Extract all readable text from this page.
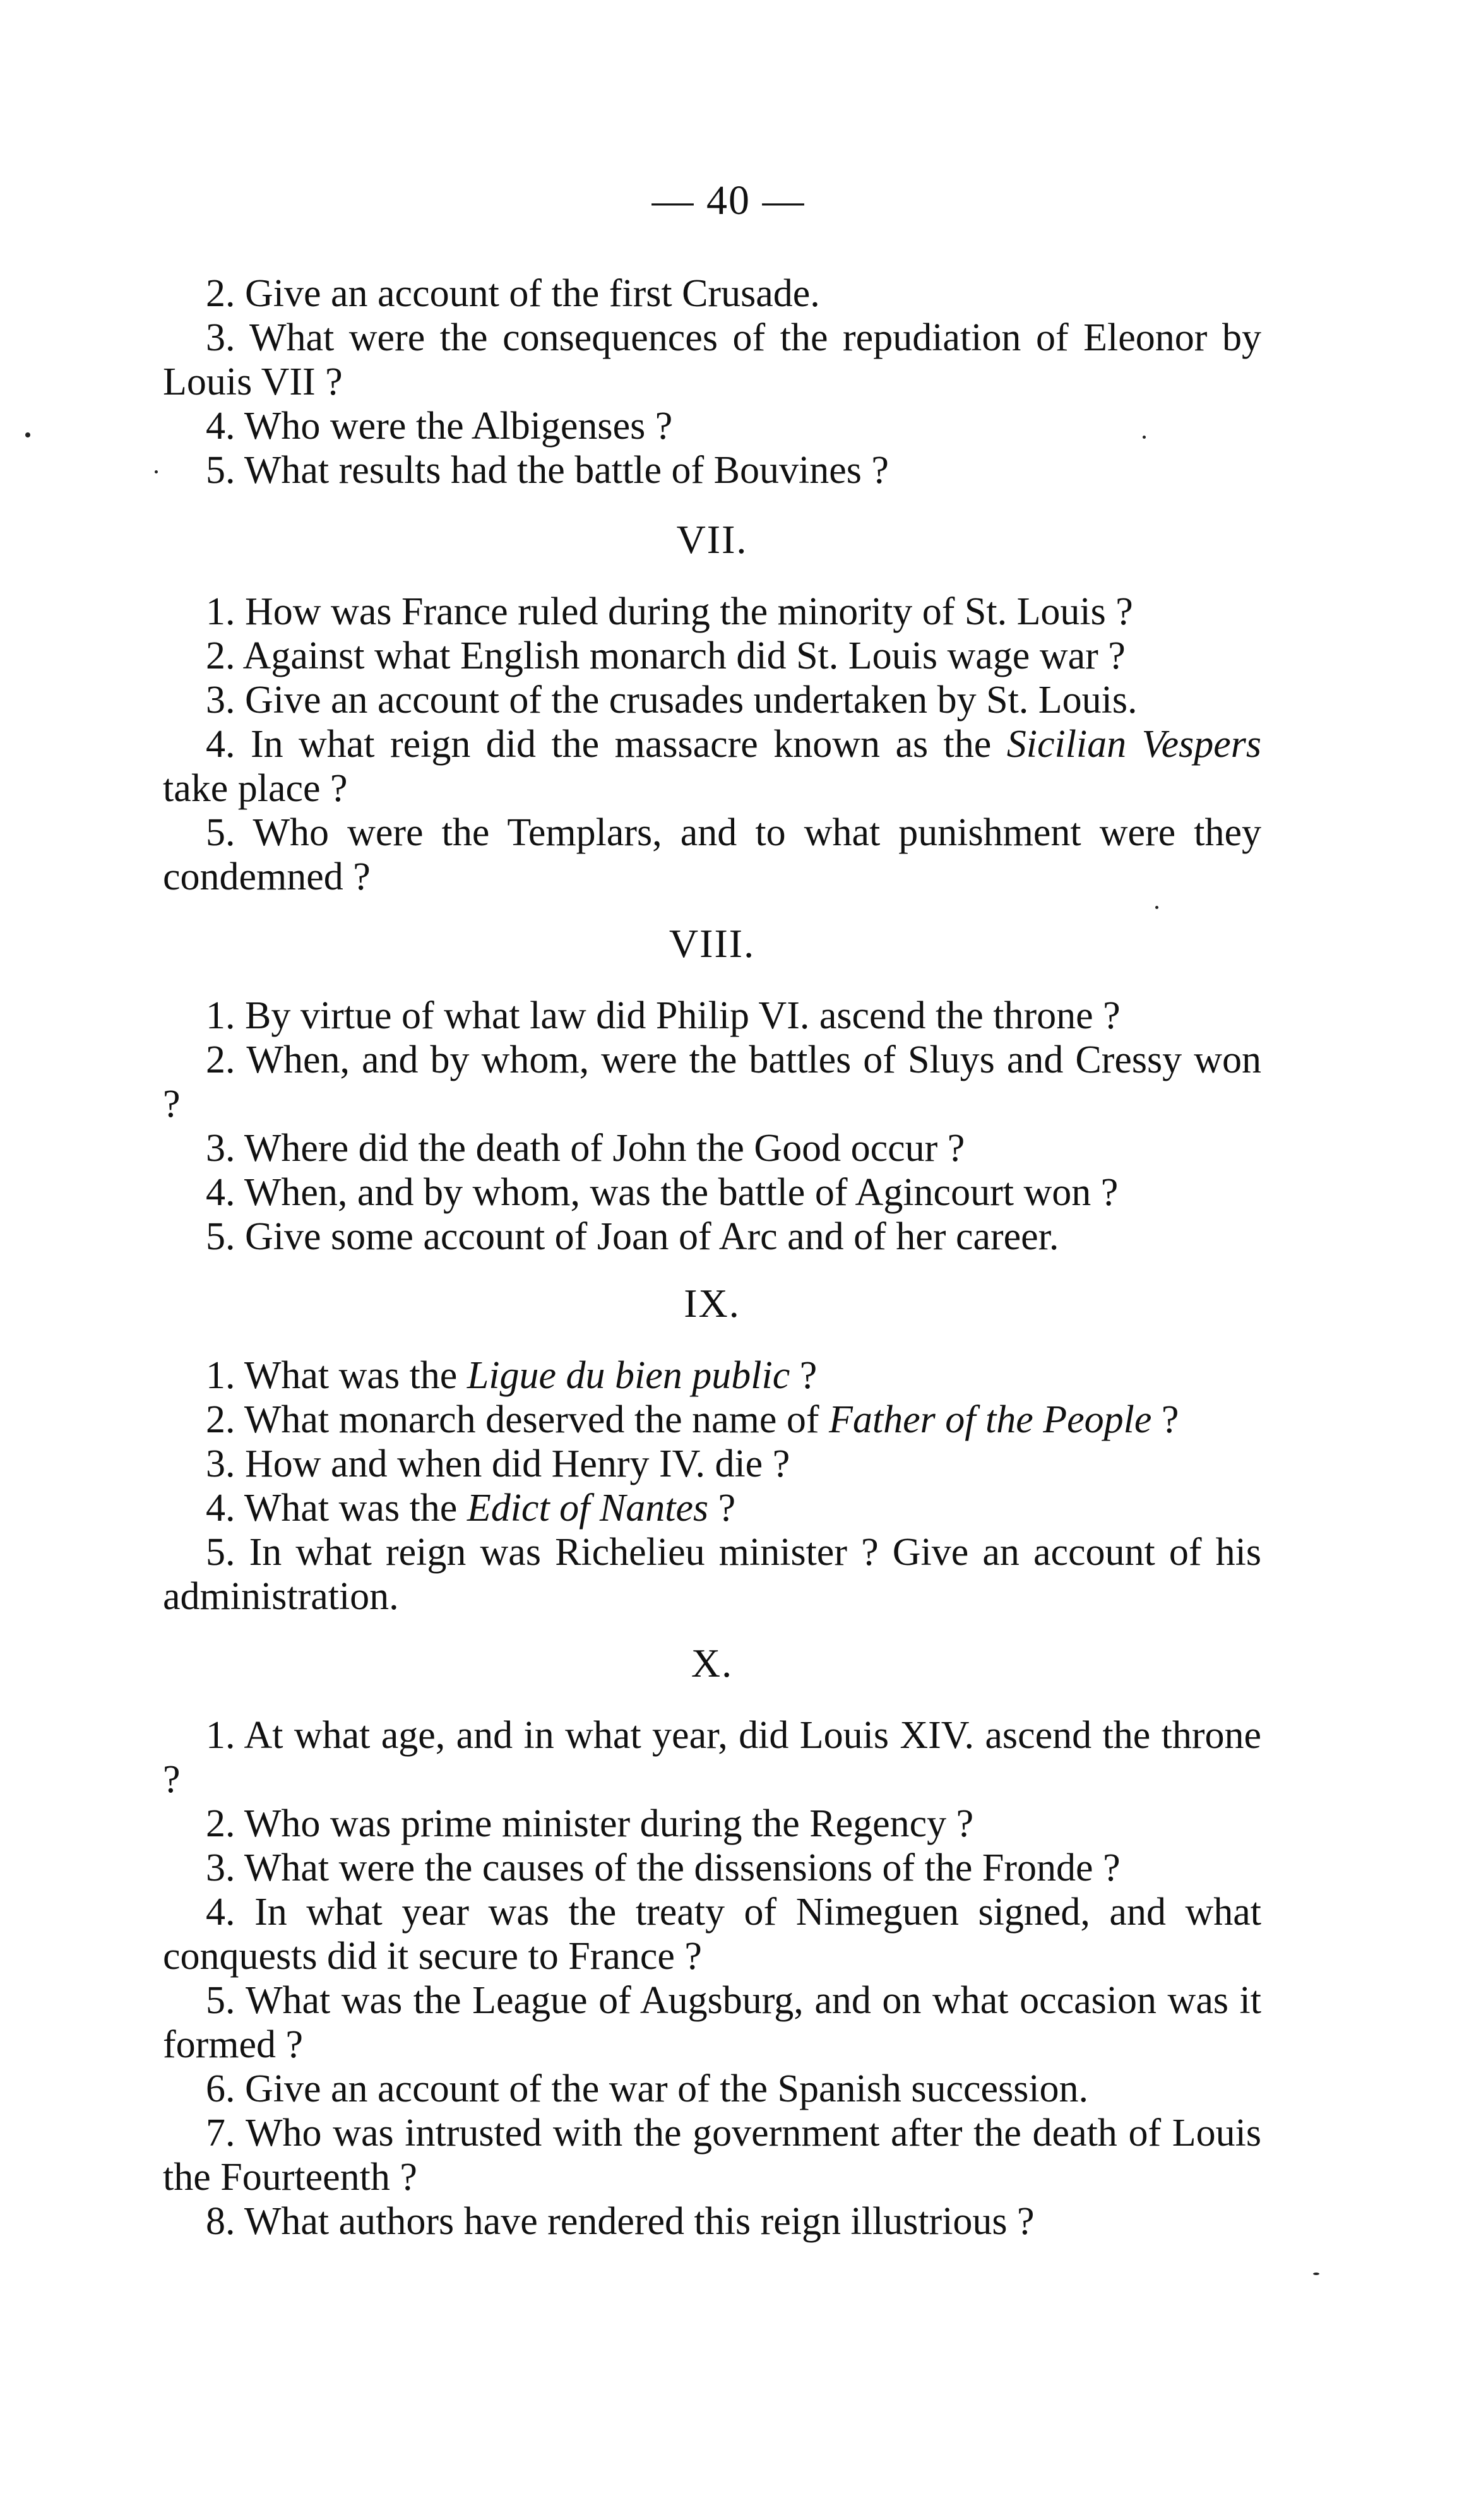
— 40 —

2. Give an account of the first Crusade.

3. What were the consequences of the repudiation of Eleonor by Louis VII ?

4. Who were the Albigenses ?

5. What results had the battle of Bouvines ?

VII.

1. How was France ruled during the minority of St. Louis ?

2. Against what English monarch did St. Louis wage war ?

3. Give an account of the crusades undertaken by St. Louis.

4. In what reign did the massacre known as the Sicilian Vespers take place ?

5. Who were the Templars, and to what punishment were they condemned ?

VIII.

1. By virtue of what law did Philip VI. ascend the throne ?

2. When, and by whom, were the battles of Sluys and Cressy won ?

3. Where did the death of John the Good occur ?

4. When, and by whom, was the battle of Agincourt won ?

5. Give some account of Joan of Arc and of her career.

IX.

1. What was the Ligue du bien public ?

2. What monarch deserved the name of Father of the People ?

3. How and when did Henry IV. die ?

4. What was the Edict of Nantes ?

5. In what reign was Richelieu minister ? Give an account of his administration.

X.

1. At what age, and in what year, did Louis XIV. ascend the throne ?

2. Who was prime minister during the Regency ?

3. What were the causes of the dissensions of the Fronde ?

4. In what year was the treaty of Nimeguen signed, and what conquests did it secure to France ?

5. What was the League of Augsburg, and on what occasion was it formed ?

6. Give an account of the war of the Spanish succession.

7. Who was intrusted with the government after the death of Louis the Fourteenth ?

8. What authors have rendered this reign illustrious ?
